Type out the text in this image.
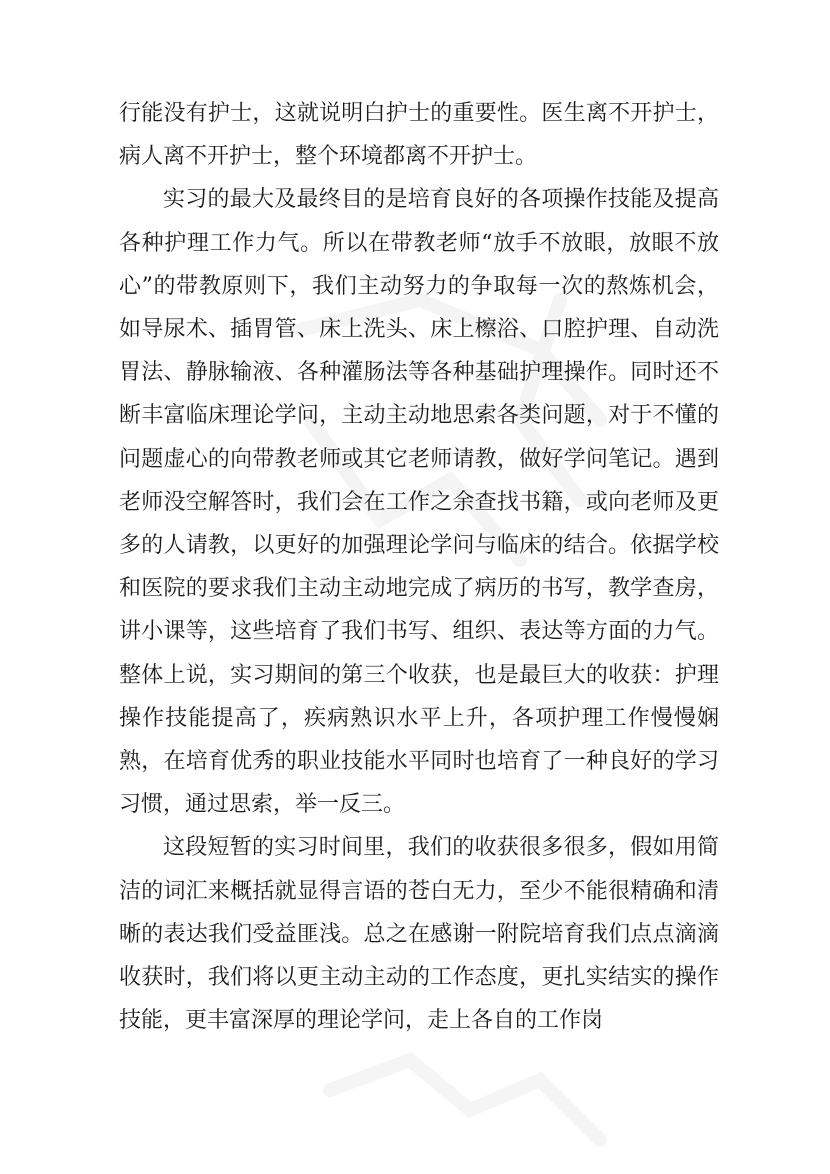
行能没有护士，这就说明白护士的重要性。医生离不开护士，病人离不开护士，整个环境都离不开护士。

实习的最大及最终目的是培育良好的各项操作技能及提高各种护理工作力气。所以在带教老师“放手不放眼，放眼不放心”的带教原则下，我们主动努力的争取每一次的熬炼机会，如导尿术、插胃管、床上洗头、床上檫浴、口腔护理、自动洗胃法、静脉输液、各种灌肠法等各种基础护理操作。同时还不断丰富临床理论学问，主动主动地思索各类问题，对于不懂的问题虚心的向带教老师或其它老师请教，做好学问笔记。遇到老师没空解答时，我们会在工作之余查找书籍，或向老师及更多的人请教，以更好的加强理论学问与临床的结合。依据学校和医院的要求我们主动主动地完成了病历的书写，教学查房，讲小课等，这些培育了我们书写、组织、表达等方面的力气。整体上说，实习期间的第三个收获，也是最巨大的收获：护理操作技能提高了，疾病熟识水平上升，各项护理工作慢慢娴熟，在培育优秀的职业技能水平同时也培育了一种良好的学习习惯，通过思索，举一反三。

这段短暂的实习时间里，我们的收获很多很多，假如用简洁的词汇来概括就显得言语的苍白无力，至少不能很精确和清晰的表达我们受益匪浅。总之在感谢一附院培育我们点点滴滴收获时，我们将以更主动主动的工作态度，更扎实结实的操作技能，更丰富深厚的理论学问，走上各自的工作岗
